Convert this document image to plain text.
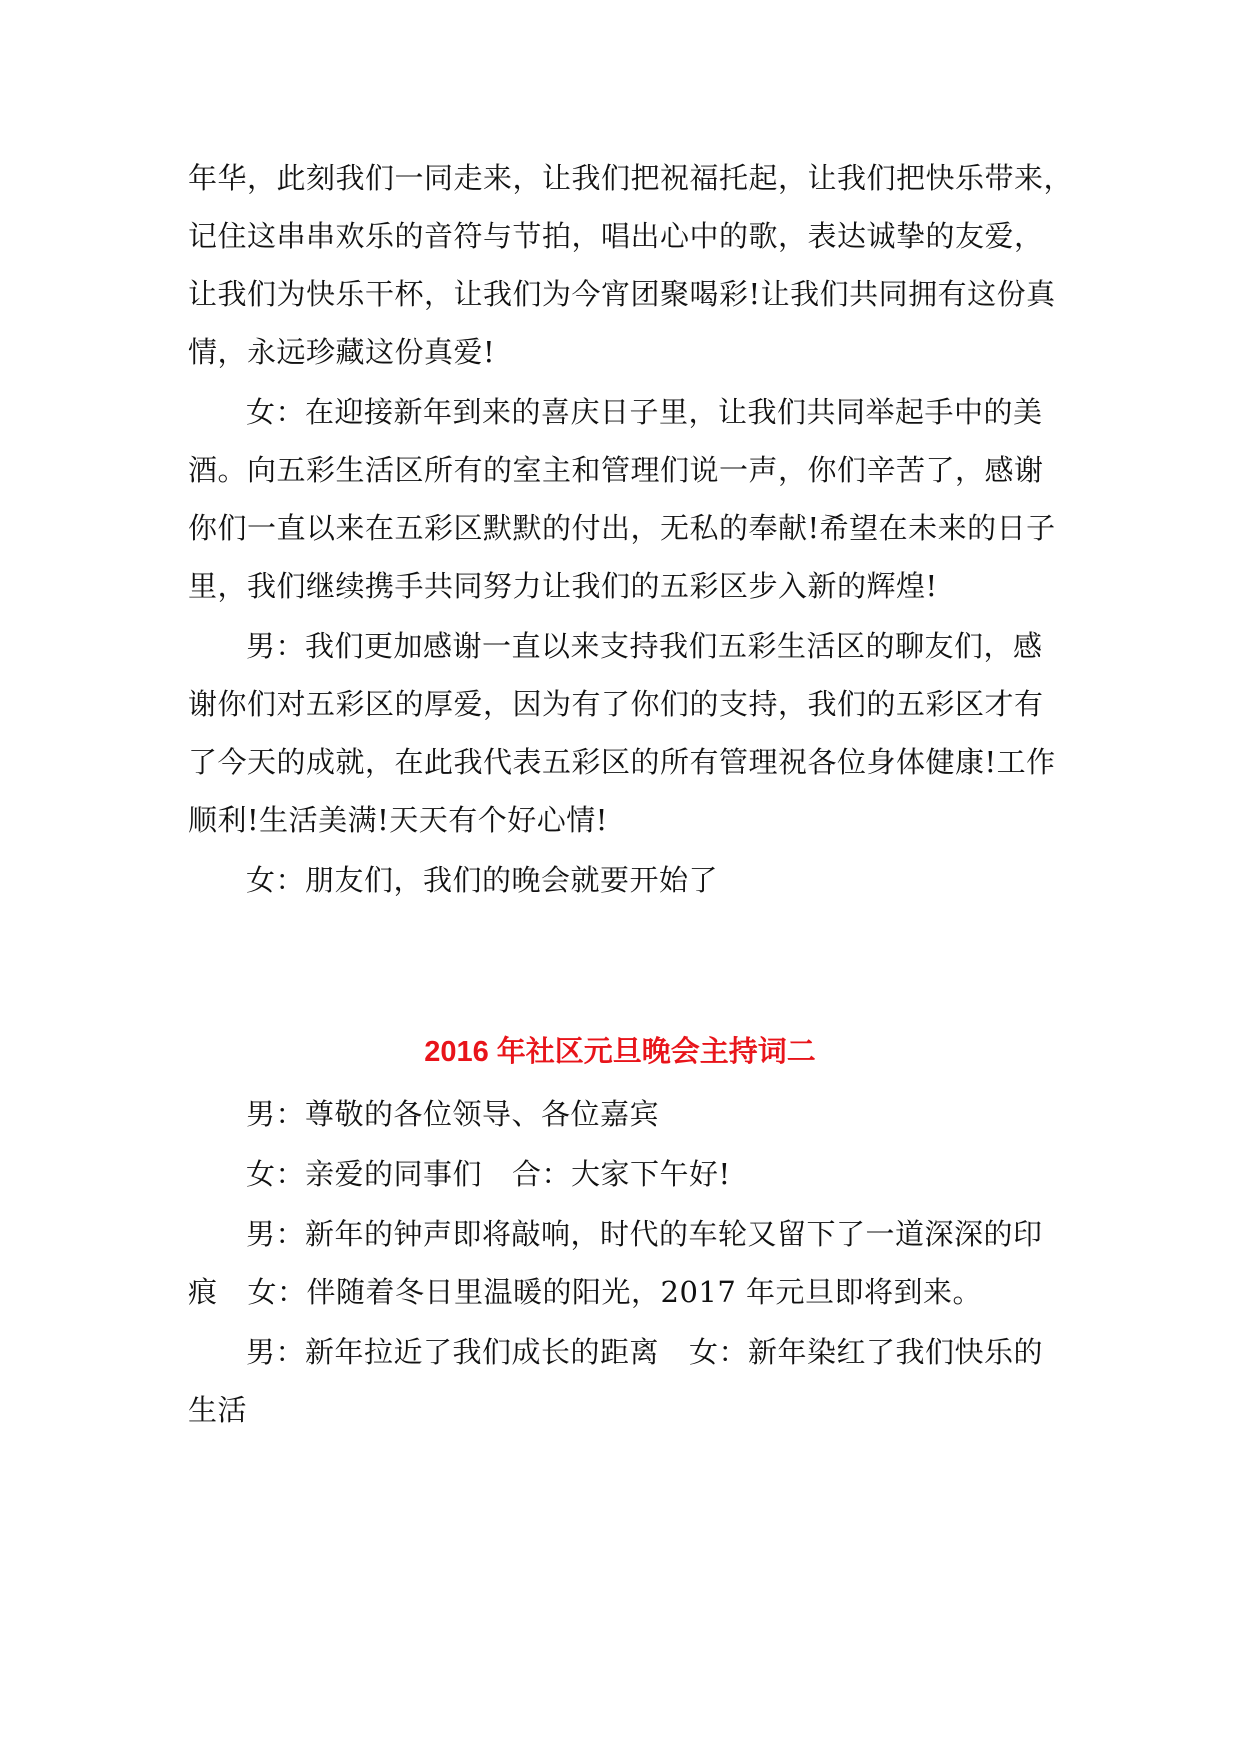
年华，此刻我们一同走来，让我们把祝福托起，让我们把快乐带来，
记住这串串欢乐的音符与节拍，唱出心中的歌，表达诚挚的友爱，
让我们为快乐干杯，让我们为今宵团聚喝彩!让我们共同拥有这份真
情，永远珍藏这份真爱!
女：在迎接新年到来的喜庆日子里，让我们共同举起手中的美
酒。向五彩生活区所有的室主和管理们说一声，你们辛苦了，感谢
你们一直以来在五彩区默默的付出，无私的奉献!希望在未来的日子
里，我们继续携手共同努力让我们的五彩区步入新的辉煌!
男：我们更加感谢一直以来支持我们五彩生活区的聊友们，感
谢你们对五彩区的厚爱，因为有了你们的支持，我们的五彩区才有
了今天的成就，在此我代表五彩区的所有管理祝各位身体健康!工作
顺利!生活美满!天天有个好心情!
女：朋友们，我们的晚会就要开始了
2016 年社区元旦晚会主持词二
男：尊敬的各位领导、各位嘉宾
女：亲爱的同事们 合：大家下午好!
男：新年的钟声即将敲响，时代的车轮又留下了一道深深的印
痕 女：伴随着冬日里温暖的阳光，2017 年元旦即将到来。
男：新年拉近了我们成长的距离 女：新年染红了我们快乐的
生活
